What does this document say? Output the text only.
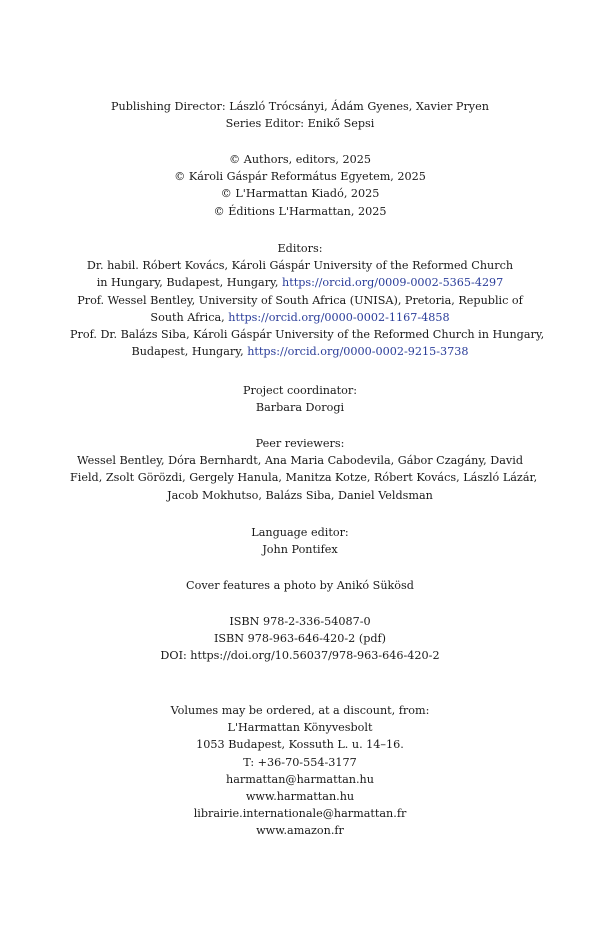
Publishing Director: László Trócsányi, Ádám Gyenes, Xavier Pryen
Series Editor: Enikő Sepsi
© Authors, editors, 2025
© Károli Gáspár Református Egyetem, 2025
© L'Harmattan Kiadó, 2025
© Éditions L'Harmattan, 2025
Editors:
Dr. habil. Róbert Kovács, Károli Gáspár University of the Reformed Church
in Hungary, Budapest, Hungary, https://orcid.org/0009-0002-5365-4297
Prof. Wessel Bentley, University of South Africa (UNISA), Pretoria, Republic of
South Africa, https://orcid.org/0000-0002-1167-4858
Prof. Dr. Balázs Siba, Károli Gáspár University of the Reformed Church in Hungary,
Budapest, Hungary, https://orcid.org/0000-0002-9215-3738
Project coordinator:
Barbara Dorogi
Peer reviewers:
Wessel Bentley, Dóra Bernhardt, Ana Maria Cabodevila, Gábor Czagány, David
Field, Zsolt Görözdi, Gergely Hanula, Manitza Kotze, Róbert Kovács, László Lázár,
Jacob Mokhutso, Balázs Siba, Daniel Veldsman
Language editor:
John Pontifex
Cover features a photo by Anikó Sükösd
ISBN 978-2-336-54087-0
ISBN 978-963-646-420-2 (pdf)
DOI: https://doi.org/10.56037/978-963-646-420-2
Volumes may be ordered, at a discount, from:
L'Harmattan Könyvesbolt
1053 Budapest, Kossuth L. u. 14–16.
T: +36-70-554-3177
harmattan@harmattan.hu
www.harmattan.hu
librairie.internationale@harmattan.fr
www.amazon.fr
